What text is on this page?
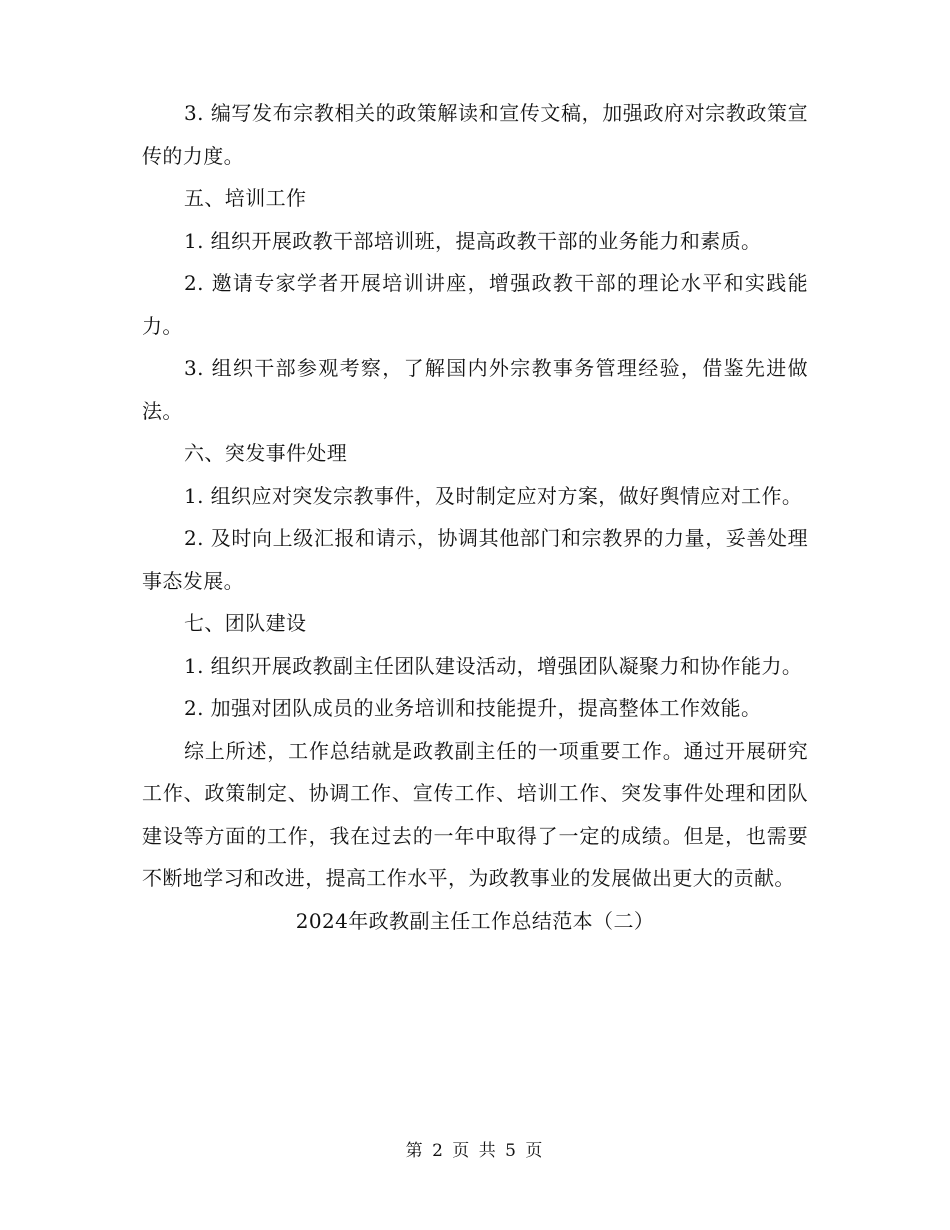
3. 编写发布宗教相关的政策解读和宣传文稿，加强政府对宗教政策宣传的力度。

五、培训工作

1. 组织开展政教干部培训班，提高政教干部的业务能力和素质。

2. 邀请专家学者开展培训讲座，增强政教干部的理论水平和实践能力。

3. 组织干部参观考察，了解国内外宗教事务管理经验，借鉴先进做法。

六、突发事件处理

1. 组织应对突发宗教事件，及时制定应对方案，做好舆情应对工作。

2. 及时向上级汇报和请示，协调其他部门和宗教界的力量，妥善处理事态发展。

七、团队建设

1. 组织开展政教副主任团队建设活动，增强团队凝聚力和协作能力。

2. 加强对团队成员的业务培训和技能提升，提高整体工作效能。

综上所述，工作总结就是政教副主任的一项重要工作。通过开展研究工作、政策制定、协调工作、宣传工作、培训工作、突发事件处理和团队建设等方面的工作，我在过去的一年中取得了一定的成绩。但是，也需要不断地学习和改进，提高工作水平，为政教事业的发展做出更大的贡献。

2024年政教副主任工作总结范本（二）
第 2 页 共 5 页
